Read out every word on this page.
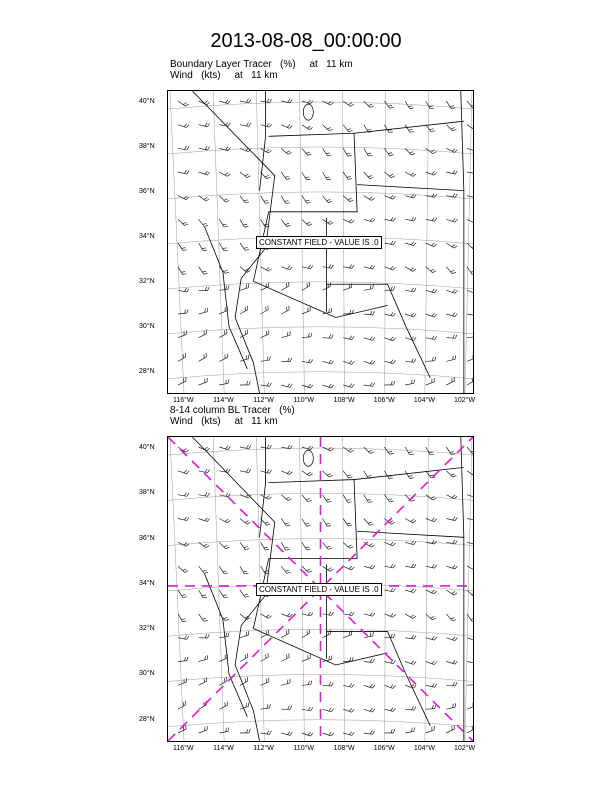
2013-08-08_00:00:00
Boundary Layer Tracer   (%)     at   11 km
Wind   (kts)     at   11 km
CONSTANT FIELD - VALUE IS .0
8-14 column BL Tracer   (%)
Wind   (kts)     at   11 km
CONSTANT FIELD - VALUE IS .0
40°N
38°N
36°N
34°N
32°N
30°N
28°N
116°W	114°W	112°W	110°W	108°W	106°W	104°W	102°W
40°N
38°N
36°N
34°N
32°N
30°N
28°N
116°W	114°W	112°W	110°W	108°W	106°W	104°W	102°W
